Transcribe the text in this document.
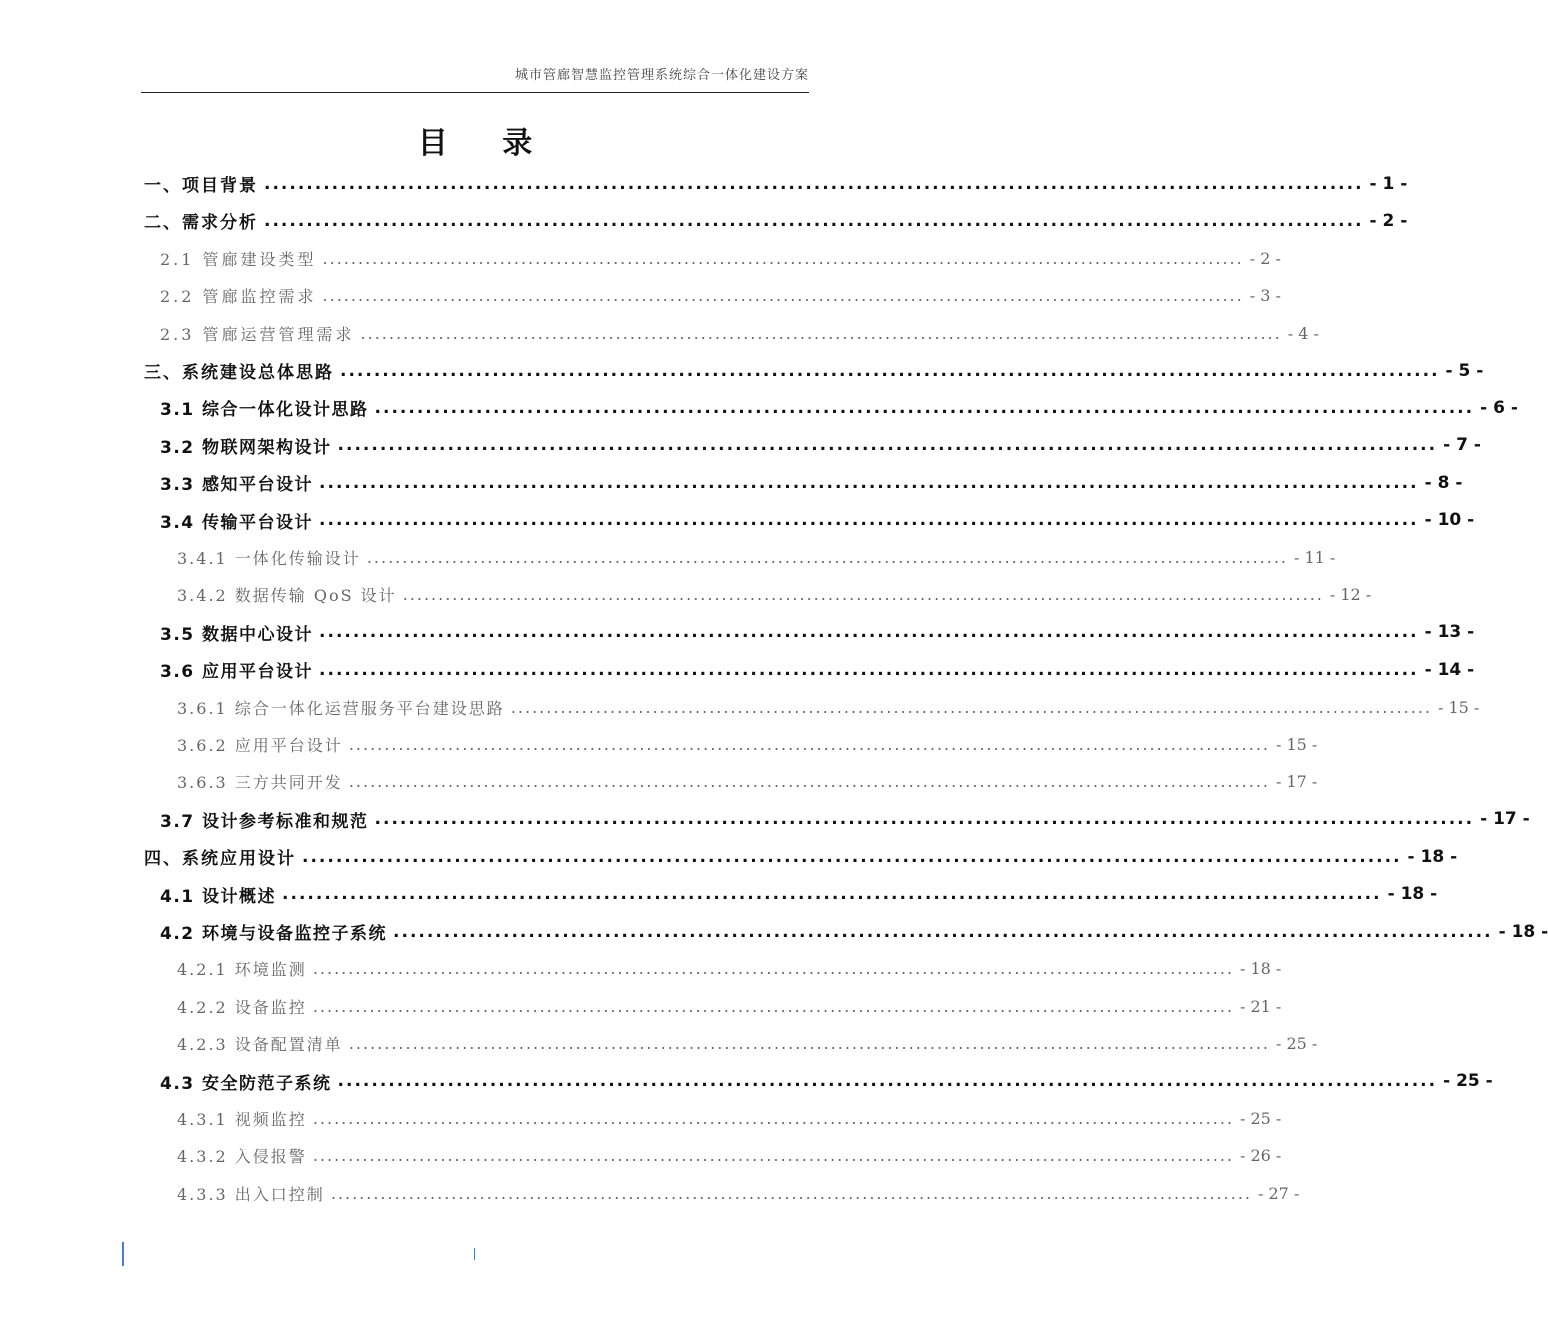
城市管廊智慧监控管理系统综合一体化建设方案
目 录
一、项目背景 .................................................................................................................................. - 1 -
二、需求分析 .................................................................................................................................. - 2 -
2.1 管廊建设类型 .................................................................................................................................. - 2 -
2.2 管廊监控需求 .................................................................................................................................. - 3 -
2.3 管廊运营管理需求 .................................................................................................................................. - 4 -
三、系统建设总体思路 .................................................................................................................................. - 5 -
3.1 综合一体化设计思路 .................................................................................................................................. - 6 -
3.2 物联网架构设计 .................................................................................................................................. - 7 -
3.3 感知平台设计 .................................................................................................................................. - 8 -
3.4 传输平台设计 .................................................................................................................................. - 10 -
3.4.1 一体化传输设计 .................................................................................................................................. - 11 -
3.4.2 数据传输 QoS 设计 .................................................................................................................................. - 12 -
3.5 数据中心设计 .................................................................................................................................. - 13 -
3.6 应用平台设计 .................................................................................................................................. - 14 -
3.6.1 综合一体化运营服务平台建设思路 .................................................................................................................................. - 15 -
3.6.2 应用平台设计 .................................................................................................................................. - 15 -
3.6.3 三方共同开发 .................................................................................................................................. - 17 -
3.7 设计参考标准和规范 .................................................................................................................................. - 17 -
四、系统应用设计 .................................................................................................................................. - 18 -
4.1 设计概述 .................................................................................................................................. - 18 -
4.2 环境与设备监控子系统 .................................................................................................................................. - 18 -
4.2.1 环境监测 .................................................................................................................................. - 18 -
4.2.2 设备监控 .................................................................................................................................. - 21 -
4.2.3 设备配置清单 .................................................................................................................................. - 25 -
4.3 安全防范子系统 .................................................................................................................................. - 25 -
4.3.1 视频监控 .................................................................................................................................. - 25 -
4.3.2 入侵报警 .................................................................................................................................. - 26 -
4.3.3 出入口控制 .................................................................................................................................. - 27 -
